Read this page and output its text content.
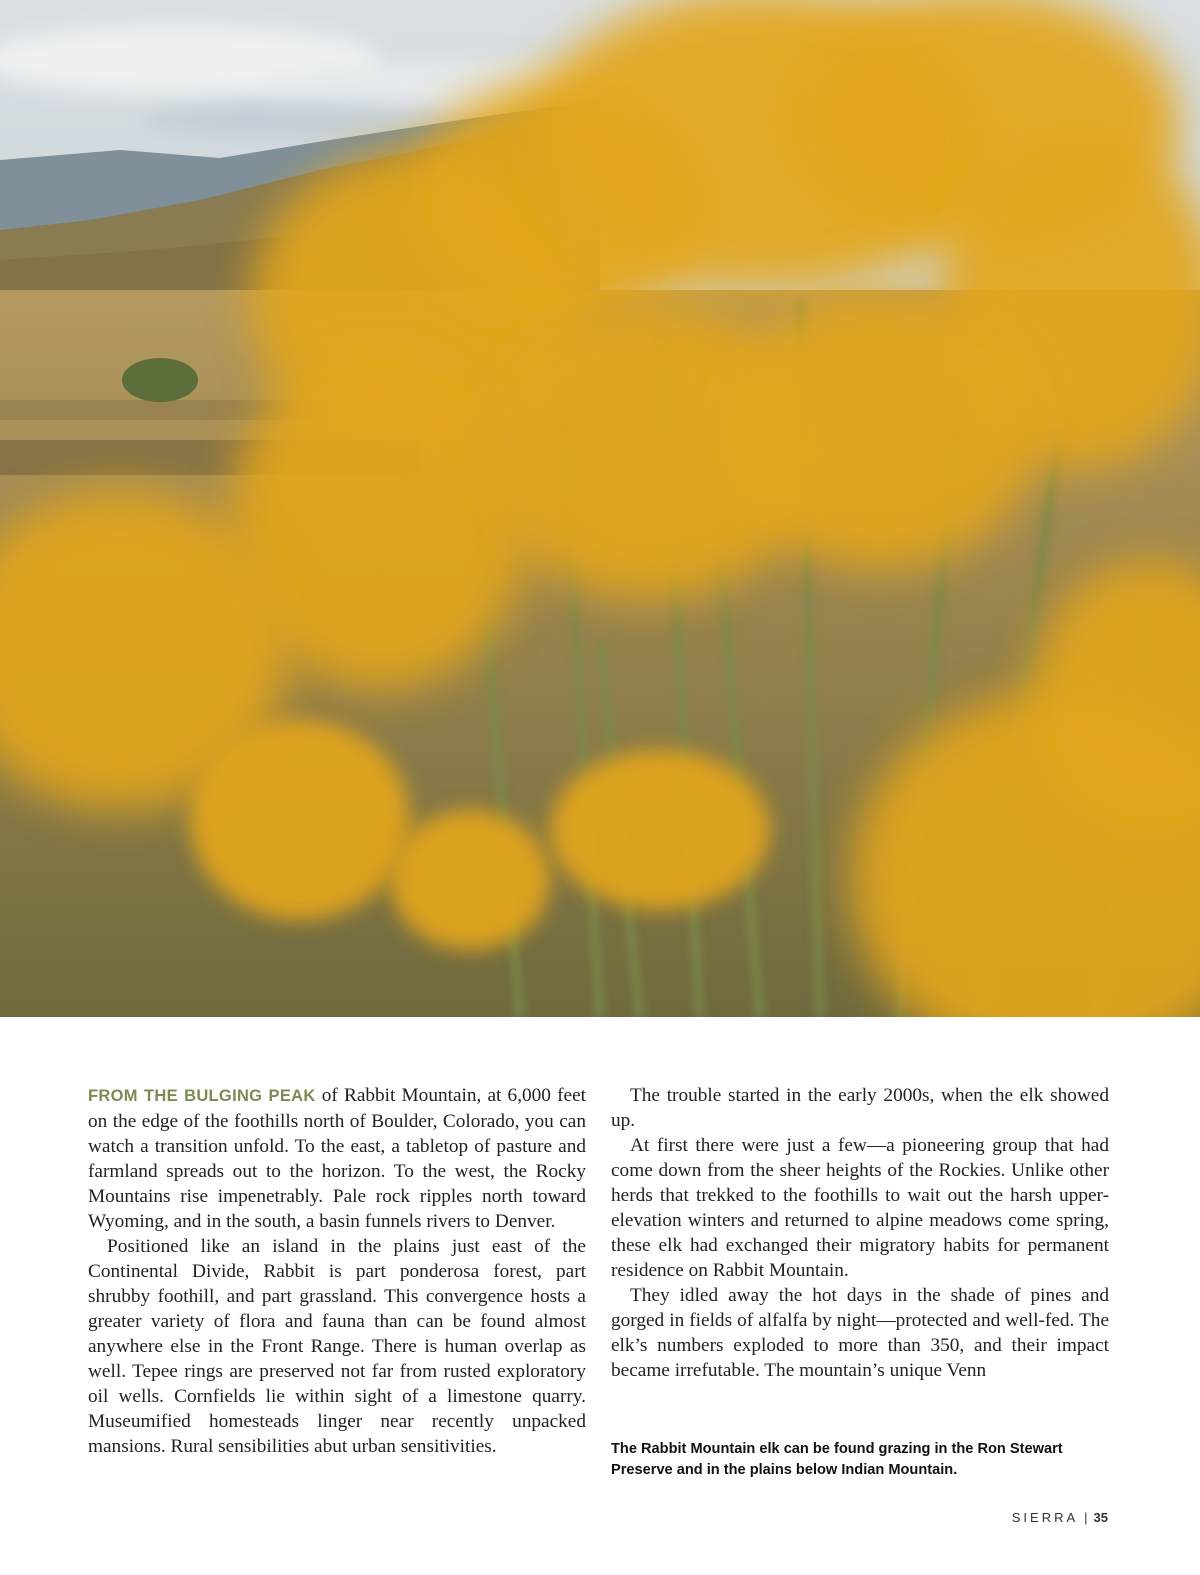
FROM THE BULGING PEAK of Rabbit Mountain, at 6,000 feet on the edge of the foothills north of Boulder, Colorado, you can watch a transition unfold. To the east, a tabletop of pasture and farmland spreads out to the horizon. To the west, the Rocky Mountains rise impenetrably. Pale rock ripples north toward Wyoming, and in the south, a basin funnels rivers to Denver.

Positioned like an island in the plains just east of the Continental Divide, Rabbit is part ponderosa forest, part shrubby foothill, and part grassland. This convergence hosts a greater variety of flora and fauna than can be found almost anywhere else in the Front Range. There is human overlap as well. Tepee rings are preserved not far from rusted exploratory oil wells. Cornfields lie within sight of a limestone quarry. Museumified homesteads linger near recently unpacked mansions. Rural sensibilities abut urban sensitivities.

The trouble started in the early 2000s, when the elk showed up.

At first there were just a few—a pioneering group that had come down from the sheer heights of the Rockies. Unlike other herds that trekked to the foothills to wait out the harsh upper-elevation winters and returned to alpine meadows come spring, these elk had exchanged their migratory habits for permanent residence on Rabbit Mountain.

They idled away the hot days in the shade of pines and gorged in fields of alfalfa by night—protected and well-fed. The elk’s numbers exploded to more than 350, and their impact became irrefutable. The mountain’s unique Venn

The Rabbit Mountain elk can be found grazing in the Ron Stewart Preserve and in the plains below Indian Mountain.
SIERRA | 35
